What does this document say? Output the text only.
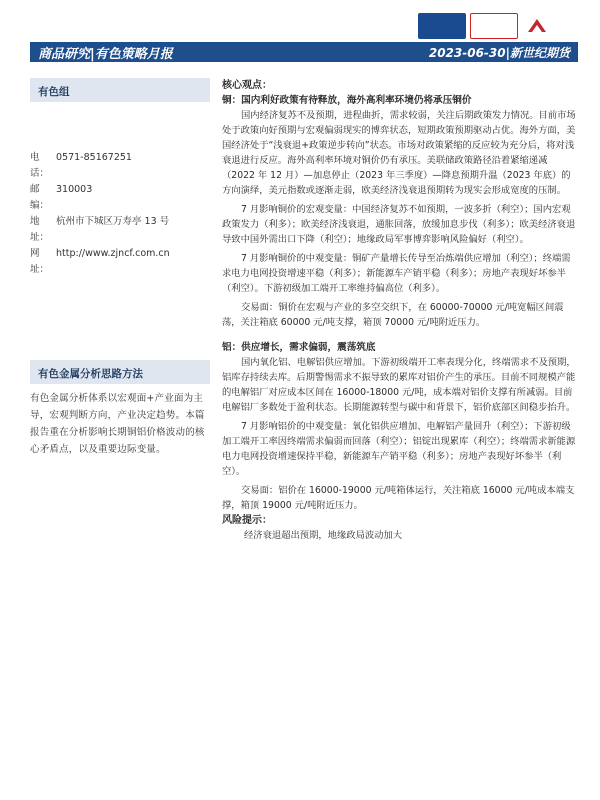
商品研究|有色策略月报	2023-06-30|新世纪期货
有色组
电话：
0571-85167251
邮编：
310003
地址：
杭州市下城区万寿亭 13 号
网址：
http://www.zjncf.com.cn
有色金属分析思路方法
有色金属分析体系以宏观面+产业面为主导，宏观判断方向，产业决定趋势。本篇报告重在分析影响长期铜铝价格波动的核心矛盾点，以及重要边际变量。

核心观点：

铜：国内利好政策有待释放，海外高利率环境仍将承压铜价

国内经济复苏不及预期，进程曲折，需求较弱，关注后期政策发力情况。目前市场处于政策向好预期与宏观偏弱现实的博弈状态，短期政策预期驱动占优。海外方面，美国经济处于“浅衰退+政策逆步转向”状态。市场对政策紧缩的反应较为充分后，将对浅衰退进行反应。海外高利率环境对铜价仍有承压。美联储政策路径沿着紧缩递减（2022 年 12 月）—加息停止（2023 年三季度）—降息预期升温（2023 年底）的方向演绎，美元指数或逐渐走弱，欧美经济浅衰退预期转为现实会形成宽度的压制。

7 月影响铜价的宏观变量：中国经济复苏不如预期，一波多折（利空）；国内宏观政策发力（利多）；欧美经济浅衰退，通胀回落，放缓加息步伐（利多）；欧美经济衰退导致中国外需出口下降（利空）；地缘政局军事博弈影响风险偏好（利空）。

7 月影响铜价的中观变量：铜矿产量增长传导至冶炼端供应增加（利空）；终端需求电力电网投资增速平稳（利多）；新能源车产销平稳（利多）；房地产表现好坏参半（利空）。下游初级加工端开工率维持偏高位（利多）。

交易面：铜价在宏观与产业的多空交织下，在 60000-70000 元/吨宽幅区间震荡，关注箱底 60000 元/吨支撑，箱顶 70000 元/吨附近压力。

铝：供应增长，需求偏弱，震荡筑底

国内氧化铝、电解铝供应增加。下游初级端开工率表现分化，终端需求不及预期，铝库存持续去库。后期警惕需求不振导致的累库对铝价产生的承压。目前不同规模产能的电解铝厂对应成本区间在 16000-18000 元/吨，成本端对铝价支撑有所减弱。目前电解铝厂多数处于盈利状态。长期能源转型与碳中和背景下，铝价底部区间稳步抬升。

7 月影响铝价的中观变量：氧化铝供应增加、电解铝产量回升（利空）；下游初级加工端开工率因终端需求偏弱而回落（利空）；铝锭出现累库（利空）；终端需求新能源电力电网投资增速保持平稳，新能源车产销平稳（利多）；房地产表现好坏参半（利空）。

交易面：铝价在 16000-19000 元/吨箱体运行，关注箱底 16000 元/吨成本端支撑，箱顶 19000 元/吨附近压力。

风险提示：

经济衰退超出预期，地缘政局波动加大
